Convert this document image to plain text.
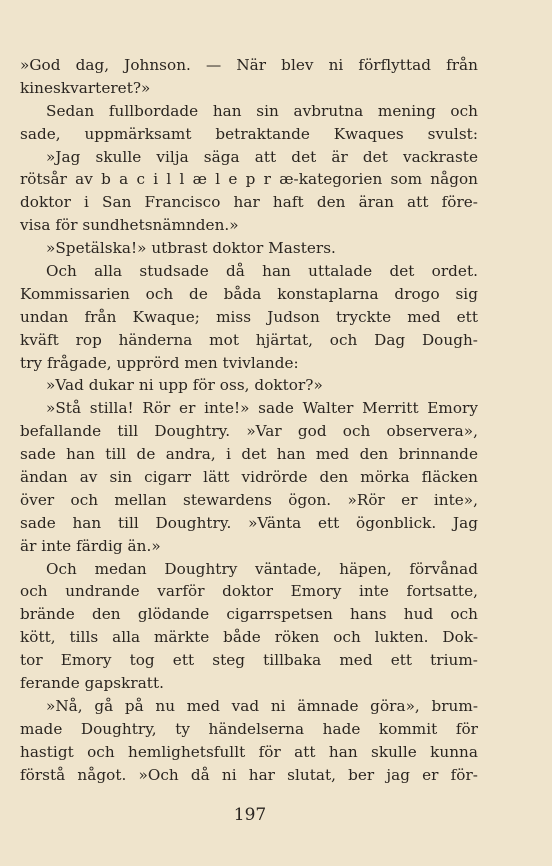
»God dag, Johnson. — När blev ni förflyttad från
kineskvarteret?»
Sedan fullbordade han sin avbrutna mening och
sade, uppmärksamt betraktande Kwaques svulst:
»Jag skulle vilja säga att det är det vackraste
rötsår av b a c i l l æ l e p r æ-kategorien som någon
doktor i San Francisco har haft den äran att före-
visa för sundhetsnämnden.»
»Spetälska!» utbrast doktor Masters.
Och alla studsade då han uttalade det ordet.
Kommissarien och de båda konstaplarna drogo sig
undan från Kwaque; miss Judson tryckte med ett
kväft rop händerna mot hjärtat, och Dag Dough-
try frågade, upprörd men tvivlande:
»Vad dukar ni upp för oss, doktor?»
»Stå stilla! Rör er inte!» sade Walter Merritt Emory
befallande till Doughtry. »Var god och observera»,
sade han till de andra, i det han med den brinnande
ändan av sin cigarr lätt vidrörde den mörka fläcken
över och mellan stewardens ögon. »Rör er inte»,
sade han till Doughtry. »Vänta ett ögonblick. Jag
är inte färdig än.»
Och medan Doughtry väntade, häpen, förvånad
och undrande varför doktor Emory inte fortsatte,
brände den glödande cigarrspetsen hans hud och
kött, tills alla märkte både röken och lukten. Dok-
tor Emory tog ett steg tillbaka med ett trium-
ferande gapskratt.
»Nå, gå på nu med vad ni ämnade göra», brum-
made Doughtry, ty händelserna hade kommit för
hastigt och hemlighetsfullt för att han skulle kunna
förstå något. »Och då ni har slutat, ber jag er för-
197
